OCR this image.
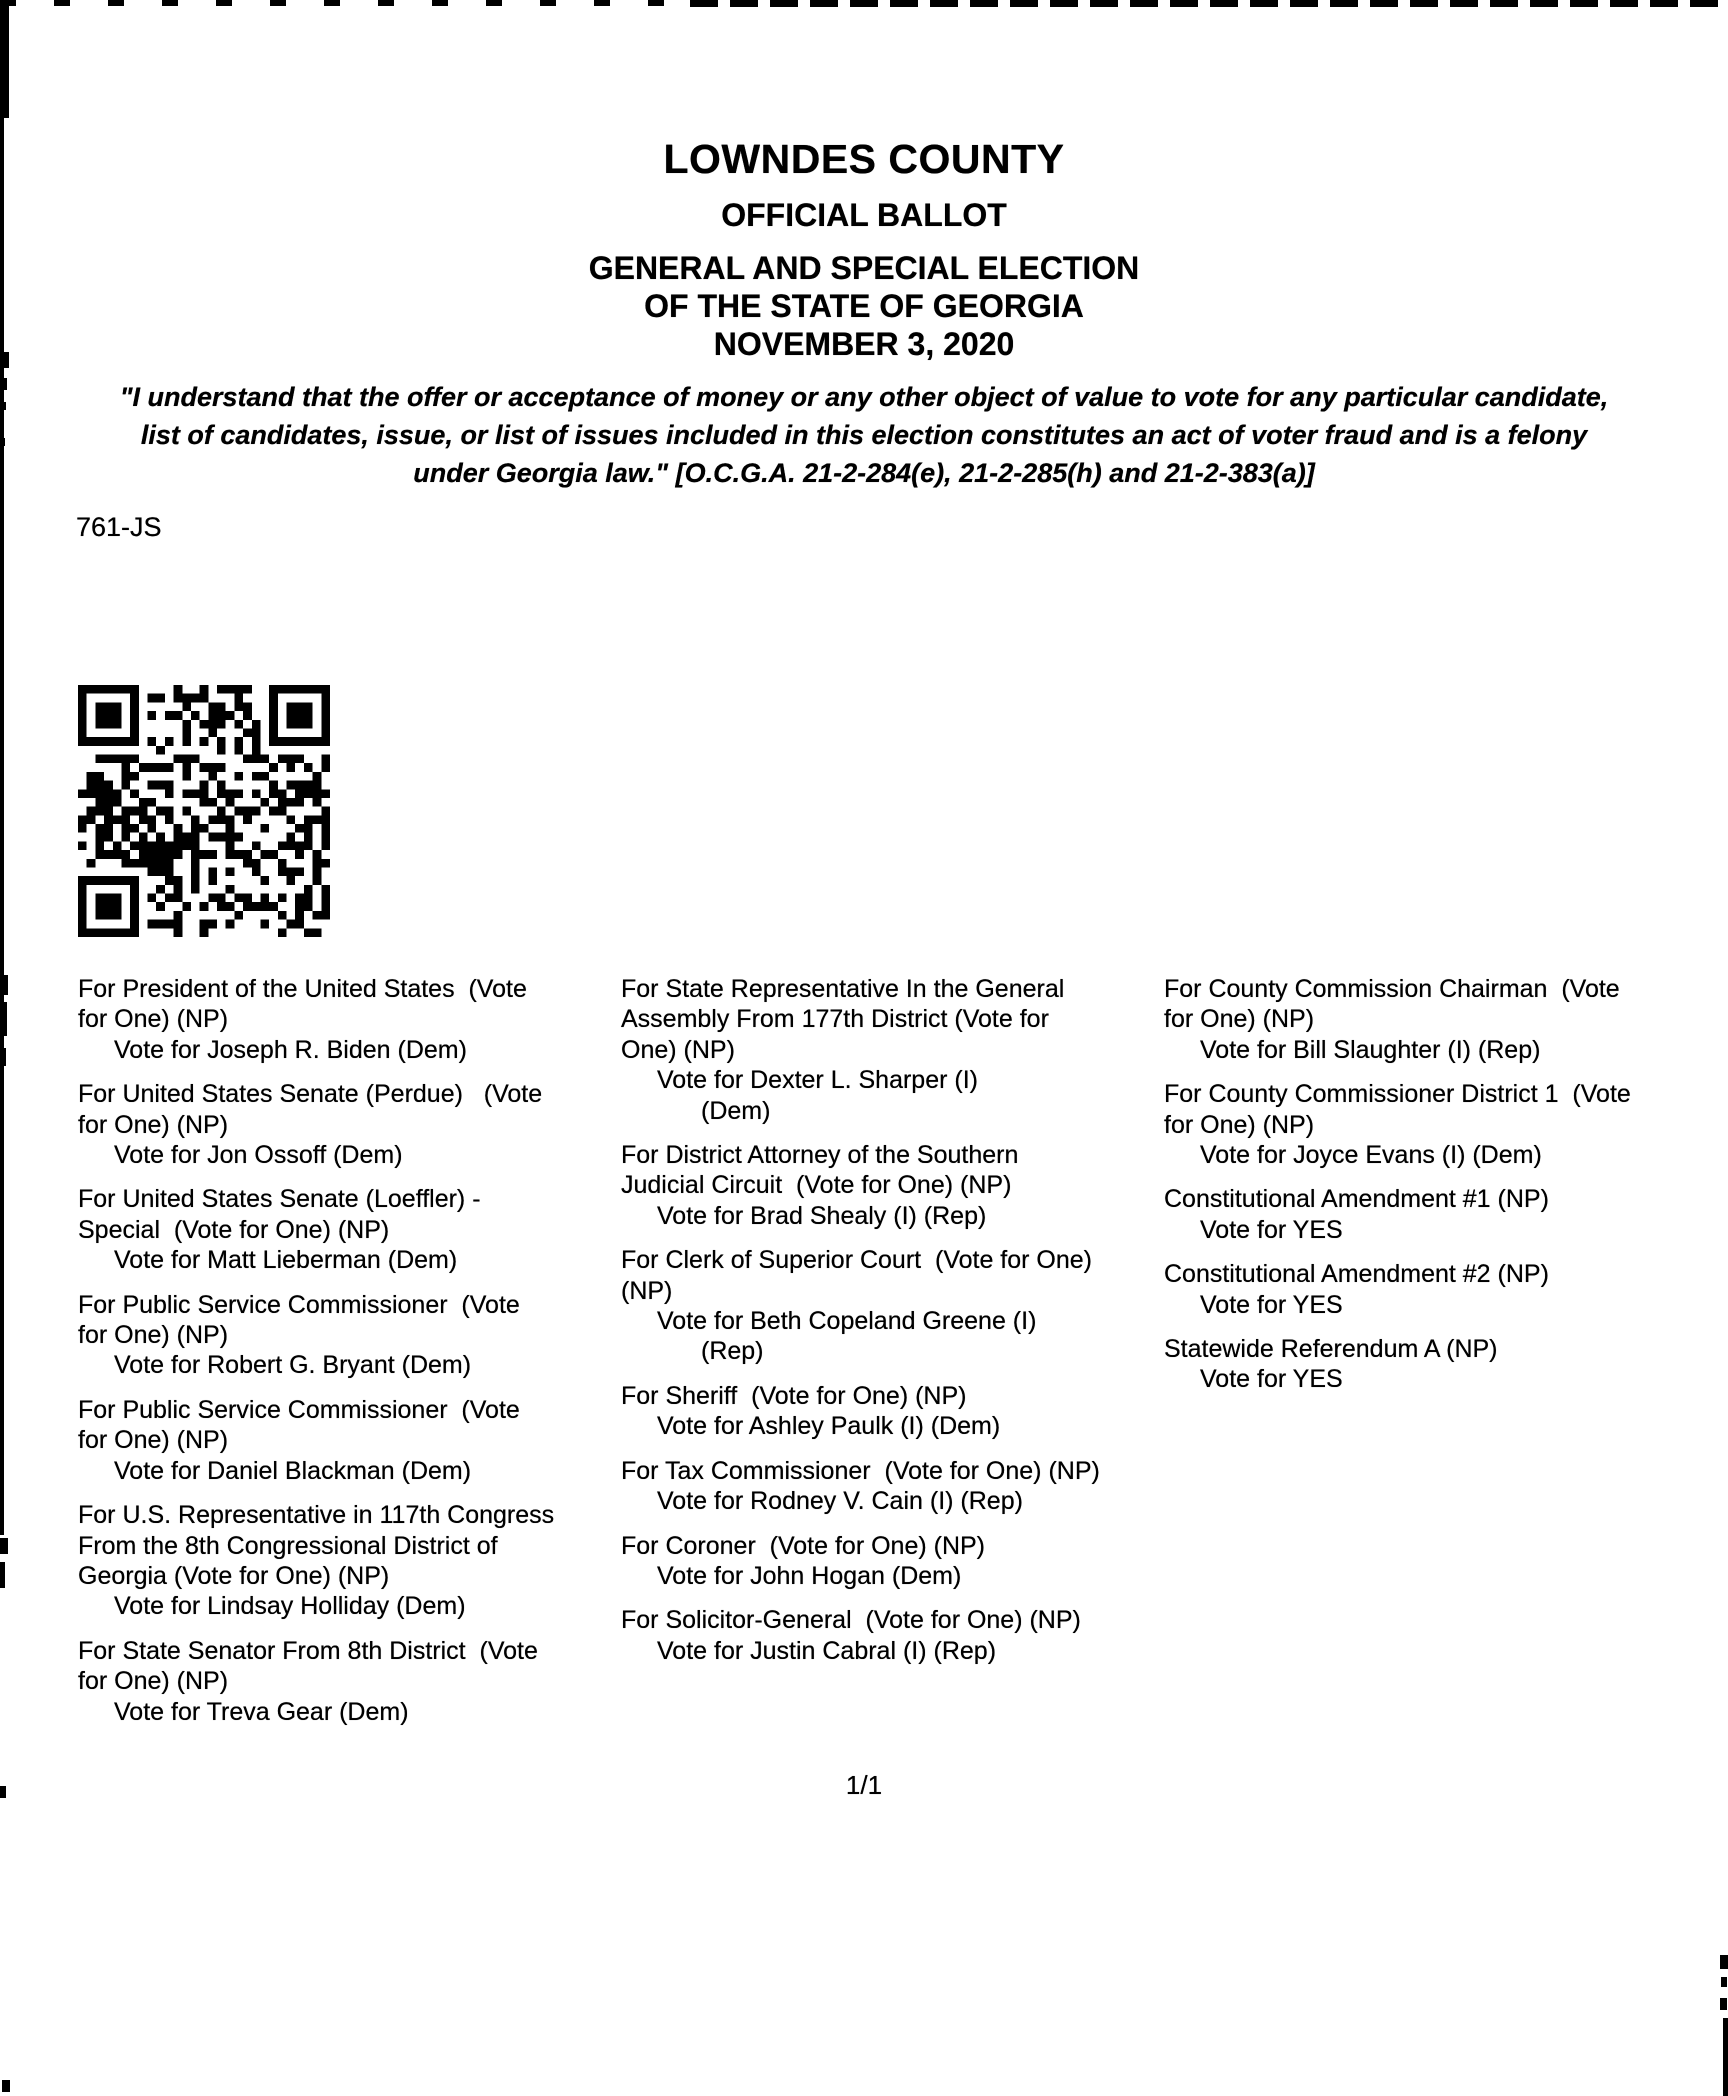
LOWNDES COUNTY
OFFICIAL BALLOT
GENERAL AND SPECIAL ELECTION
OF THE STATE OF GEORGIA
NOVEMBER 3, 2020
"I understand that the offer or acceptance of money or any other object of value to vote for any particular candidate,
list of candidates, issue, or list of issues included in this election constitutes an act of voter fraud and is a felony
under Georgia law." [O.C.G.A. 21-2-284(e), 21-2-285(h) and 21-2-383(a)]
761-JS
For President of the United States  (Vote
for One) (NP)
Vote for Joseph R. Biden (Dem)
For United States Senate (Perdue)   (Vote
for One) (NP)
Vote for Jon Ossoff (Dem)
For United States Senate (Loeffler) -
Special  (Vote for One) (NP)
Vote for Matt Lieberman (Dem)
For Public Service Commissioner  (Vote
for One) (NP)
Vote for Robert G. Bryant (Dem)
For Public Service Commissioner  (Vote
for One) (NP)
Vote for Daniel Blackman (Dem)
For U.S. Representative in 117th Congress
From the 8th Congressional District of
Georgia (Vote for One) (NP)
Vote for Lindsay Holliday (Dem)
For State Senator From 8th District  (Vote
for One) (NP)
Vote for Treva Gear (Dem)
For State Representative In the General
Assembly From 177th District (Vote for
One) (NP)
Vote for Dexter L. Sharper (I)
(Dem)
For District Attorney of the Southern
Judicial Circuit  (Vote for One) (NP)
Vote for Brad Shealy (I) (Rep)
For Clerk of Superior Court  (Vote for One)
(NP)
Vote for Beth Copeland Greene (I)
(Rep)
For Sheriff  (Vote for One) (NP)
Vote for Ashley Paulk (I) (Dem)
For Tax Commissioner  (Vote for One) (NP)
Vote for Rodney V. Cain (I) (Rep)
For Coroner  (Vote for One) (NP)
Vote for John Hogan (Dem)
For Solicitor-General  (Vote for One) (NP)
Vote for Justin Cabral (I) (Rep)
For County Commission Chairman  (Vote
for One) (NP)
Vote for Bill Slaughter (I) (Rep)
For County Commissioner District 1  (Vote
for One) (NP)
Vote for Joyce Evans (I) (Dem)
Constitutional Amendment #1 (NP)
Vote for YES
Constitutional Amendment #2 (NP)
Vote for YES
Statewide Referendum A (NP)
Vote for YES
1/1
